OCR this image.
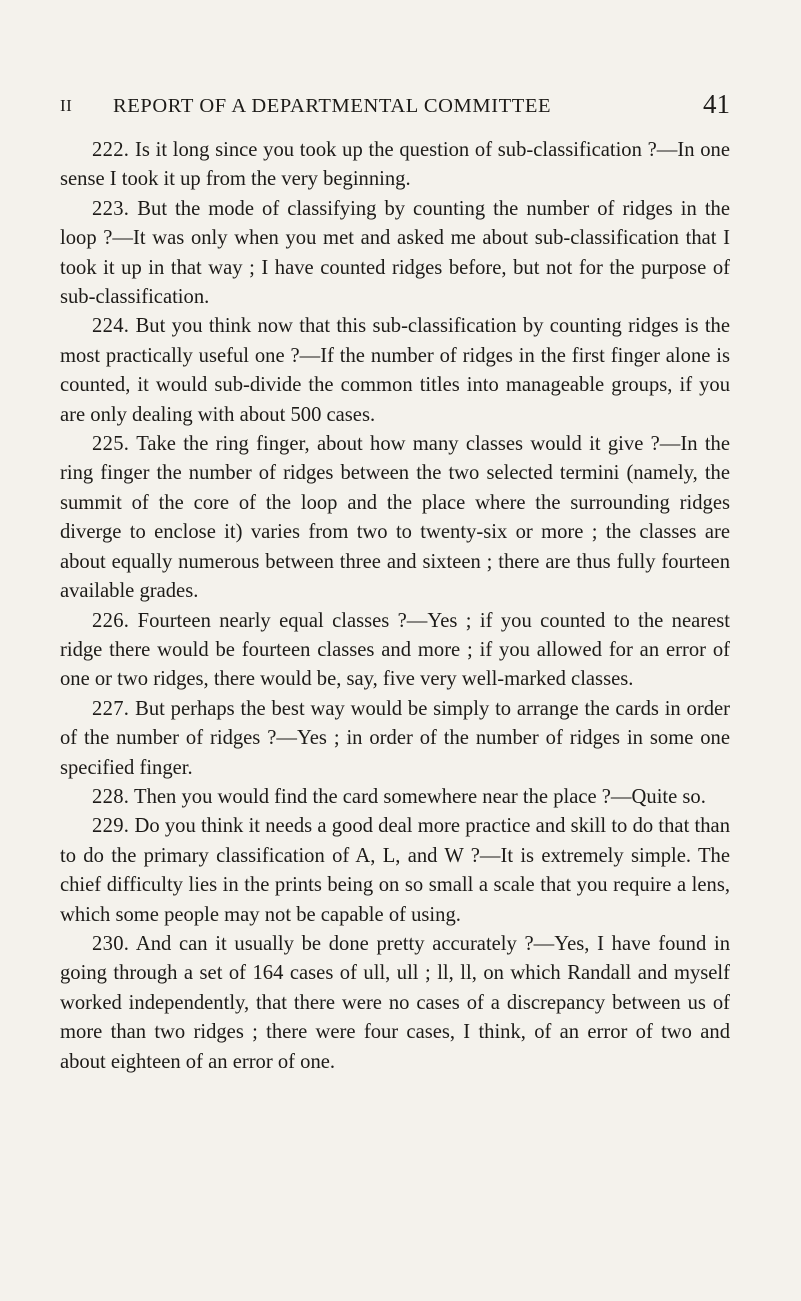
II REPORT OF A DEPARTMENTAL COMMITTEE	41

222. Is it long since you took up the question of sub-classification ?—In one sense I took it up from the very beginning.

223. But the mode of classifying by counting the number of ridges in the loop ?—It was only when you met and asked me about sub-classification that I took it up in that way ; I have counted ridges before, but not for the purpose of sub-classification.

224. But you think now that this sub-classification by counting ridges is the most practically useful one ?—If the number of ridges in the first finger alone is counted, it would sub-divide the common titles into manageable groups, if you are only dealing with about 500 cases.

225. Take the ring finger, about how many classes would it give ?—In the ring finger the number of ridges between the two selected termini (namely, the summit of the core of the loop and the place where the surrounding ridges diverge to enclose it) varies from two to twenty-six or more ; the classes are about equally numerous between three and sixteen ; there are thus fully fourteen available grades.

226. Fourteen nearly equal classes ?—Yes ; if you counted to the nearest ridge there would be fourteen classes and more ; if you allowed for an error of one or two ridges, there would be, say, five very well-marked classes.

227. But perhaps the best way would be simply to arrange the cards in order of the number of ridges ?—Yes ; in order of the number of ridges in some one specified finger.

228. Then you would find the card somewhere near the place ?—Quite so.

229. Do you think it needs a good deal more practice and skill to do that than to do the primary classification of A, L, and W ?—It is extremely simple. The chief difficulty lies in the prints being on so small a scale that you require a lens, which some people may not be capable of using.

230. And can it usually be done pretty accurately ?—Yes, I have found in going through a set of 164 cases of ull, ull ; ll, ll, on which Randall and myself worked independently, that there were no cases of a discrepancy between us of more than two ridges ; there were four cases, I think, of an error of two and about eighteen of an error of one.
